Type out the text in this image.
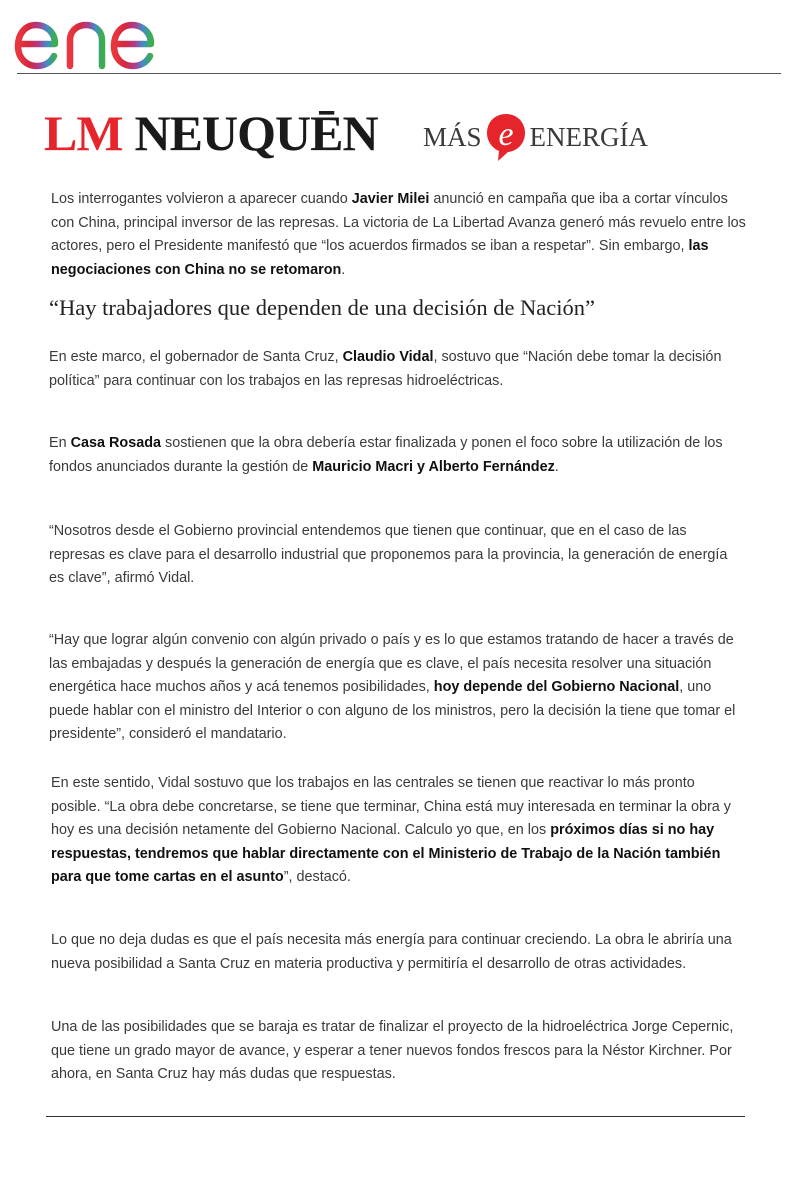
LM NEUQUĒN MÁS e ENERGÍA

Los interrogantes volvieron a aparecer cuando Javier Milei anunció en campaña que iba a cortar vínculos con China, principal inversor de las represas. La victoria de La Libertad Avanza generó más revuelo entre los actores, pero el Presidente manifestó que “los acuerdos firmados se iban a respetar”. Sin embargo, las negociaciones con China no se retomaron.

“Hay trabajadores que dependen de una decisión de Nación”

En este marco, el gobernador de Santa Cruz, Claudio Vidal, sostuvo que “Nación debe tomar la decisión política” para continuar con los trabajos en las represas hidroeléctricas.

En Casa Rosada sostienen que la obra debería estar finalizada y ponen el foco sobre la utilización de los fondos anunciados durante la gestión de Mauricio Macri y Alberto Fernández.

“Nosotros desde el Gobierno provincial entendemos que tienen que continuar, que en el caso de las represas es clave para el desarrollo industrial que proponemos para la provincia, la generación de energía es clave”, afirmó Vidal.

“Hay que lograr algún convenio con algún privado o país y es lo que estamos tratando de hacer a través de las embajadas y después la generación de energía que es clave, el país necesita resolver una situación energética hace muchos años y acá tenemos posibilidades, hoy depende del Gobierno Nacional, uno puede hablar con el ministro del Interior o con alguno de los ministros, pero la decisión la tiene que tomar el presidente”, consideró el mandatario.

En este sentido, Vidal sostuvo que los trabajos en las centrales se tienen que reactivar lo más pronto posible. “La obra debe concretarse, se tiene que terminar, China está muy interesada en terminar la obra y hoy es una decisión netamente del Gobierno Nacional. Calculo yo que, en los próximos días si no hay respuestas, tendremos que hablar directamente con el Ministerio de Trabajo de la Nación también para que tome cartas en el asunto”, destacó.

Lo que no deja dudas es que el país necesita más energía para continuar creciendo. La obra le abriría una nueva posibilidad a Santa Cruz en materia productiva y permitiría el desarrollo de otras actividades.

Una de las posibilidades que se baraja es tratar de finalizar el proyecto de la hidroeléctrica Jorge Cepernic, que tiene un grado mayor de avance, y esperar a tener nuevos fondos frescos para la Néstor Kirchner. Por ahora, en Santa Cruz hay más dudas que respuestas.
